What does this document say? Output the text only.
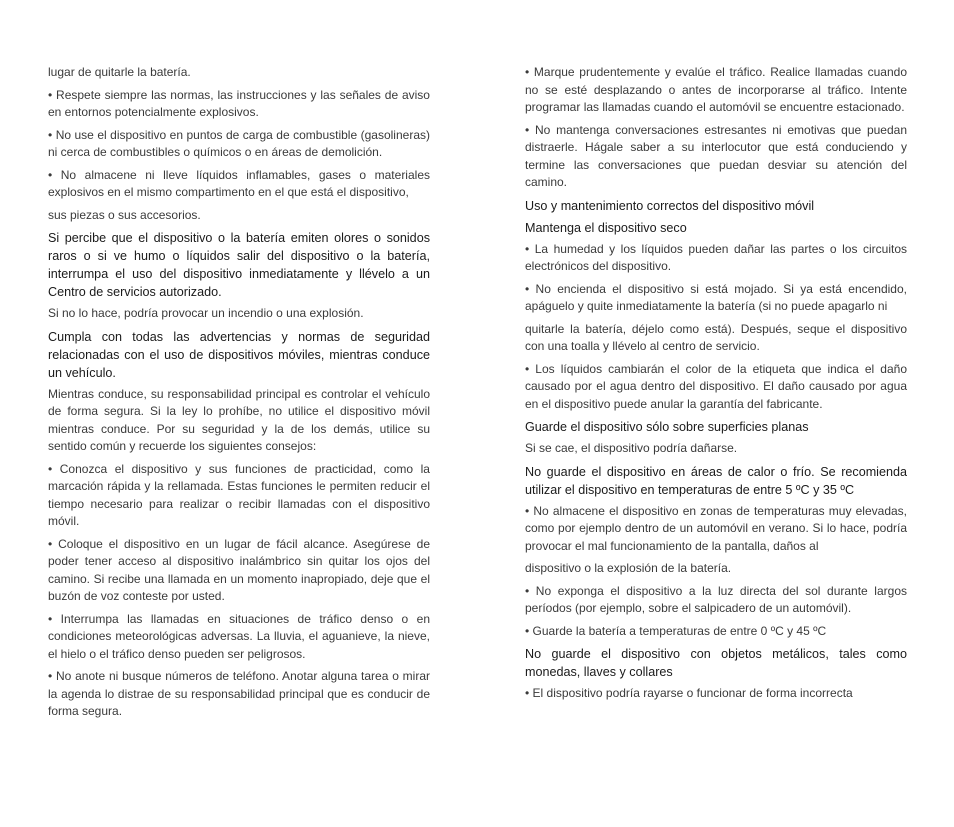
lugar de quitarle la batería.

• Respete siempre las normas, las instrucciones y las señales de aviso en entornos potencialmente explosivos.

• No use el dispositivo en puntos de carga de combustible (gasolineras) ni cerca de combustibles o químicos o en áreas de demolición.

• No almacene ni lleve líquidos inflamables, gases o materiales explosivos en el mismo compartimento en el que está el dispositivo,

sus piezas o sus accesorios.

Si percibe que el dispositivo o la batería emiten olores o sonidos raros o si ve humo o líquidos salir del dispositivo o la batería, interrumpa el uso del dispositivo inmediatamente y llévelo a un Centro de servicios autorizado.

Si no lo hace, podría provocar un incendio o una explosión.

Cumpla con todas las advertencias y normas de seguridad relacionadas con el uso de dispositivos móviles, mientras conduce un vehículo.

Mientras conduce, su responsabilidad principal es controlar el vehículo de forma segura. Si la ley lo prohíbe, no utilice el dispositivo móvil mientras conduce. Por su seguridad y la de los demás, utilice su sentido común y recuerde los siguientes consejos:

• Conozca el dispositivo y sus funciones de practicidad, como la marcación rápida y la rellamada. Estas funciones le permiten reducir el tiempo necesario para realizar o recibir llamadas con el dispositivo móvil.

• Coloque el dispositivo en un lugar de fácil alcance. Asegúrese de poder tener acceso al dispositivo inalámbrico sin quitar los ojos del camino. Si recibe una llamada en un momento inapropiado, deje que el buzón de voz conteste por usted.

• Interrumpa las llamadas en situaciones de tráfico denso o en condiciones meteorológicas adversas. La lluvia, el aguanieve, la nieve, el hielo o el tráfico denso pueden ser peligrosos.

• No anote ni busque números de teléfono. Anotar alguna tarea o mirar la agenda lo distrae de su responsabilidad principal que es conducir de forma segura.

• Marque prudentemente y evalúe el tráfico. Realice llamadas cuando no se esté desplazando o antes de incorporarse al tráfico. Intente programar las llamadas cuando el automóvil se encuentre estacionado.

• No mantenga conversaciones estresantes ni emotivas que puedan distraerle. Hágale saber a su interlocutor que está conduciendo y termine las conversaciones que puedan desviar su atención del camino.

Uso y mantenimiento correctos del dispositivo móvil

Mantenga el dispositivo seco

• La humedad y los líquidos pueden dañar las partes o los circuitos electrónicos del dispositivo.

• No encienda el dispositivo si está mojado. Si ya está encendido, apáguelo y quite inmediatamente la batería (si no puede apagarlo ni

quitarle la batería, déjelo como está). Después, seque el dispositivo con una toalla y llévelo al centro de servicio.

• Los líquidos cambiarán el color de la etiqueta que indica el daño causado por el agua dentro del dispositivo. El daño causado por agua en el dispositivo puede anular la garantía del fabricante.

Guarde el dispositivo sólo sobre superficies planas

Si se cae, el dispositivo podría dañarse.

No guarde el dispositivo en áreas de calor o frío. Se recomienda utilizar el dispositivo en temperaturas de entre 5 ºC y 35 ºC

• No almacene el dispositivo en zonas de temperaturas muy elevadas, como por ejemplo dentro de un automóvil en verano. Si lo hace, podría provocar el mal funcionamiento de la pantalla, daños al

dispositivo o la explosión de la batería.

• No exponga el dispositivo a la luz directa del sol durante largos períodos (por ejemplo, sobre el salpicadero de un automóvil).

• Guarde la batería a temperaturas de entre 0 ºC y 45 ºC

No guarde el dispositivo con objetos metálicos, tales como monedas, llaves y collares

• El dispositivo podría rayarse o funcionar de forma incorrecta
